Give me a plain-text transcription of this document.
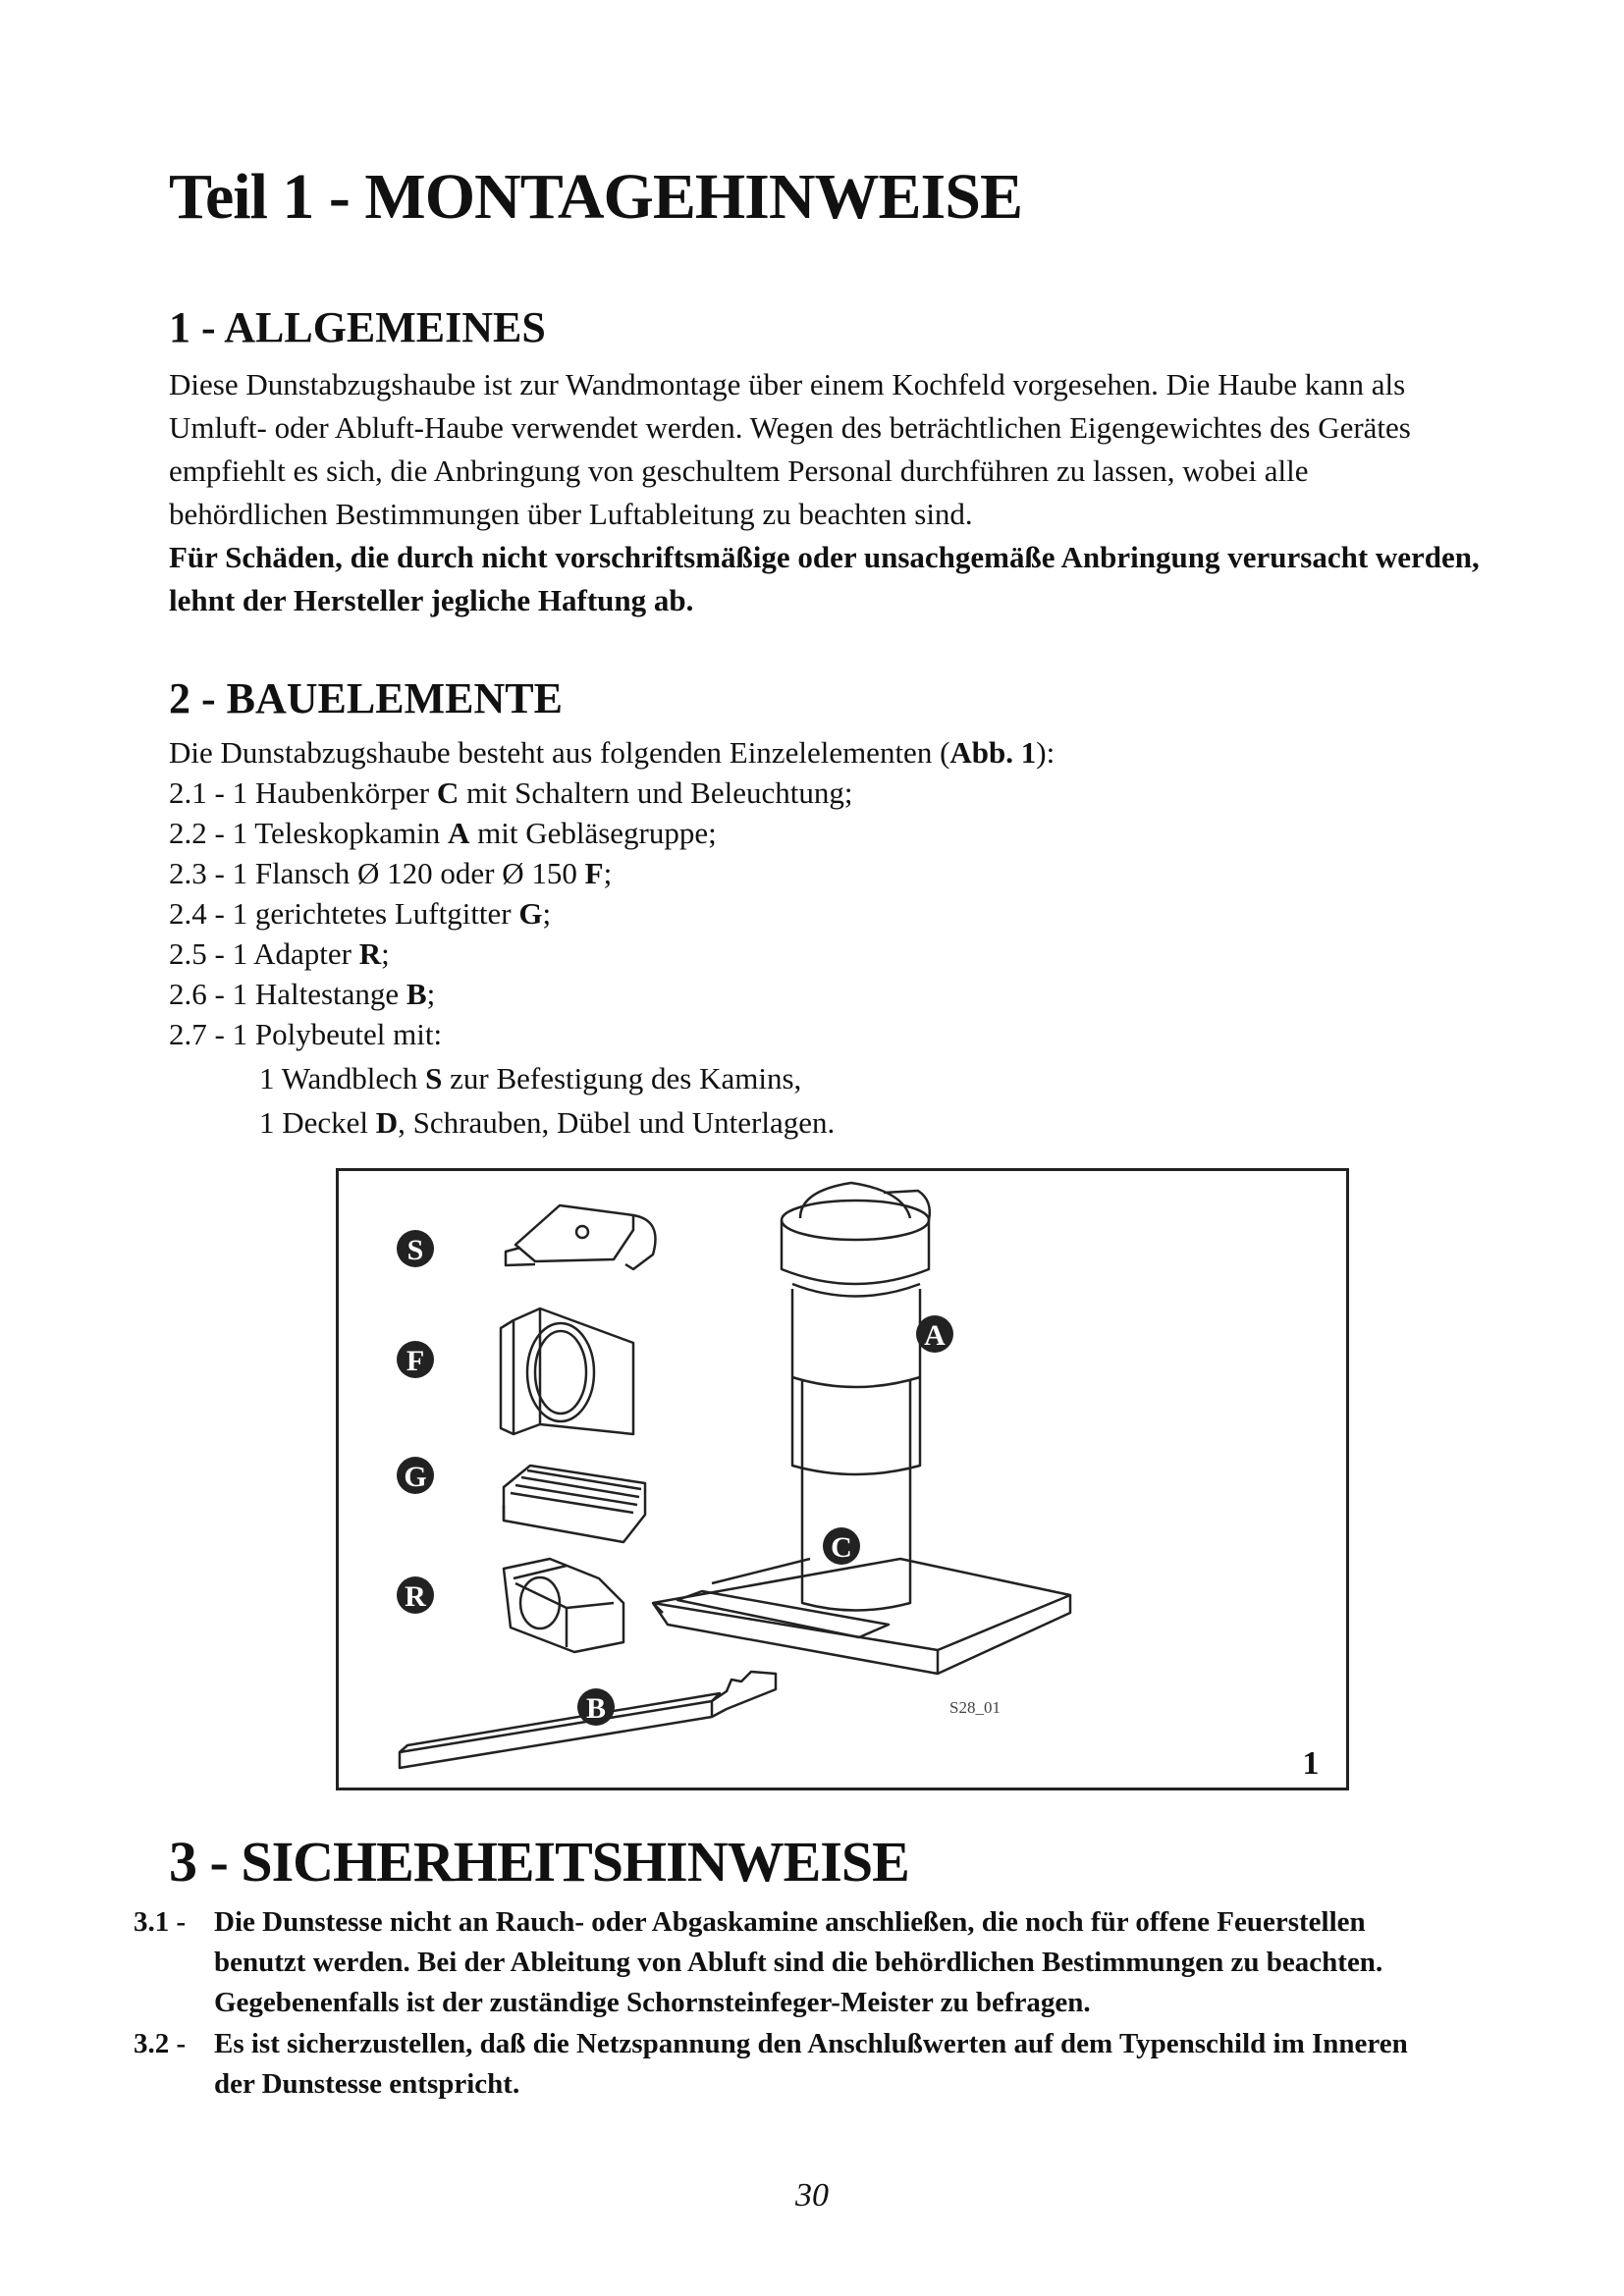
Teil 1 - MONTAGEHINWEISE
1 - ALLGEMEINES
Diese Dunstabzugshaube ist zur Wandmontage über einem Kochfeld vorgesehen. Die Haube kann als
Umluft- oder Abluft-Haube verwendet werden. Wegen des beträchtlichen Eigengewichtes des Gerätes
empfiehlt es sich, die Anbringung von geschultem Personal durchführen zu lassen, wobei alle
behördlichen Bestimmungen über Luftableitung zu beachten sind.
Für Schäden, die durch nicht vorschriftsmäßige oder unsachgemäße Anbringung verursacht werden,
lehnt der Hersteller jegliche Haftung ab.
2 - BAUELEMENTE
Die Dunstabzugshaube besteht aus folgenden Einzelelementen (Abb. 1):
2.1 - 1 Haubenkörper C mit Schaltern und Beleuchtung;
2.2 - 1 Teleskopkamin A mit Gebläsegruppe;
2.3 - 1 Flansch Ø 120 oder Ø 150 F;
2.4 - 1 gerichtetes Luftgitter G;
2.5 - 1 Adapter R;
2.6 - 1 Haltestange B;
2.7 - 1 Polybeutel mit:
1 Wandblech S zur Befestigung des Kamins,
1 Deckel D, Schrauben, Dübel und Unterlagen.
S
F
G
R
B
A
C
S28_01
1
3 - SICHERHEITSHINWEISE
3.1 - Die Dunstesse nicht an Rauch- oder Abgaskamine anschließen, die noch für offene Feuerstellen
benutzt werden. Bei der Ableitung von Abluft sind die behördlichen Bestimmungen zu beachten.
Gegebenenfalls ist der zuständige Schornsteinfeger-Meister zu befragen.
3.2 - Es ist sicherzustellen, daß die Netzspannung den Anschlußwerten auf dem Typenschild im Inneren
der Dunstesse entspricht.
30
